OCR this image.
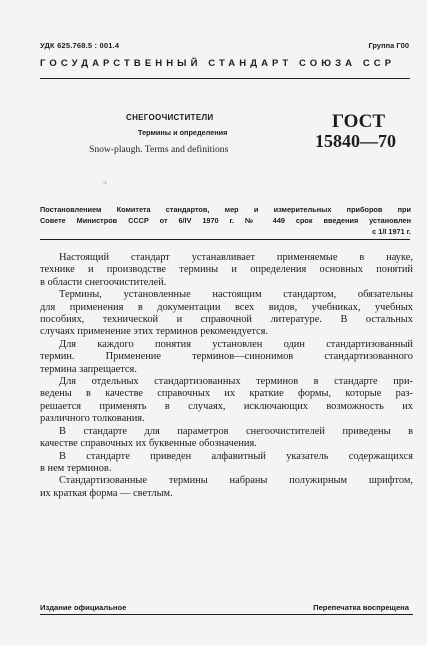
УДК 625.768.5 : 001.4	Группа Г00
ГОСУДАРСТВЕННЫЙ СТАНДАРТ СОЮЗА ССР
СНЕГООЧИСТИТЕЛИ
Термины и определения
Snow-plaugh. Terms and definitions
ГОСТ
15840—70
‹ı
Постановлением Комитета стандартов, мер и измерительных приборов при
Совете Министров СССР от 6/IV 1970 г. № 449 срок введения установлен
с 1/I 1971 г.

Настоящий стандарт устанавливает применяемые в науке,
технике и производстве термины и определения основных понятий
в области снегоочистителей.

Термины, установленные настоящим стандартом, обязательны
для применения в документации всех видов, учебниках, учебных
пособиях, технической и справочной литературе. В остальных
случаях применение этих терминов рекомендуется.

Для каждого понятия установлен один стандартизованный
термин. Применение терминов—синонимов стандартизованного
термина запрещается.

Для отдельных стандартизованных терминов в стандарте при-
ведены в качестве справочных их краткие формы, которые раз-
решается применять в случаях, исключающих возможность их
различного толкования.

В стандарте для параметров снегоочистителей приведены в
качестве справочных их буквенные обозначения.

В стандарте приведен алфавитный указатель содержащихся
в нем терминов.

Стандартизованные термины набраны полужирным шрифтом,
их краткая форма — светлым.

Издание официальное	Перепечатка воспрещена
